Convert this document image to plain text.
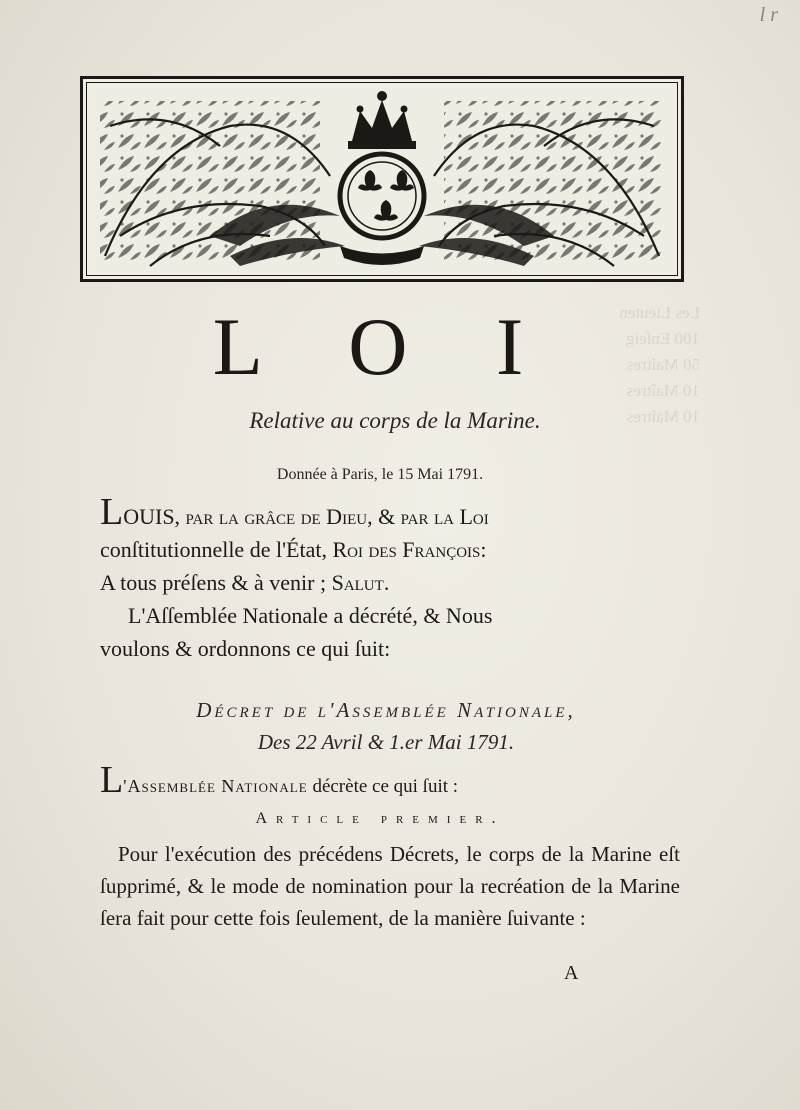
l r
Les Lieuten
100 Enſeig
50 Maîtres
10 Maîtres
10 Maîtres
L O I
Relative au corps de la Marine.
Donnée à Paris, le 15 Mai 1791.
LOUIS, par la grâce de Dieu, & par la Loi
conſtitutionnelle de l'État, Roi des François:
A tous préſens & à venir ; Salut.
L'Aſſemblée Nationale a décrété, & Nous
voulons & ordonnons ce qui ſuit:
Décret de l'Assemblée Nationale,
Des 22 Avril & 1.er Mai 1791.
L'Assemblée Nationale décrète ce qui ſuit :
Article premier.
Pour l'exécution des précédens Décrets, le corps de la Marine eſt ſupprimé, & le mode de nomination pour la recréation de la Marine ſera fait pour cette fois ſeulement, de la manière ſuivante :
A
